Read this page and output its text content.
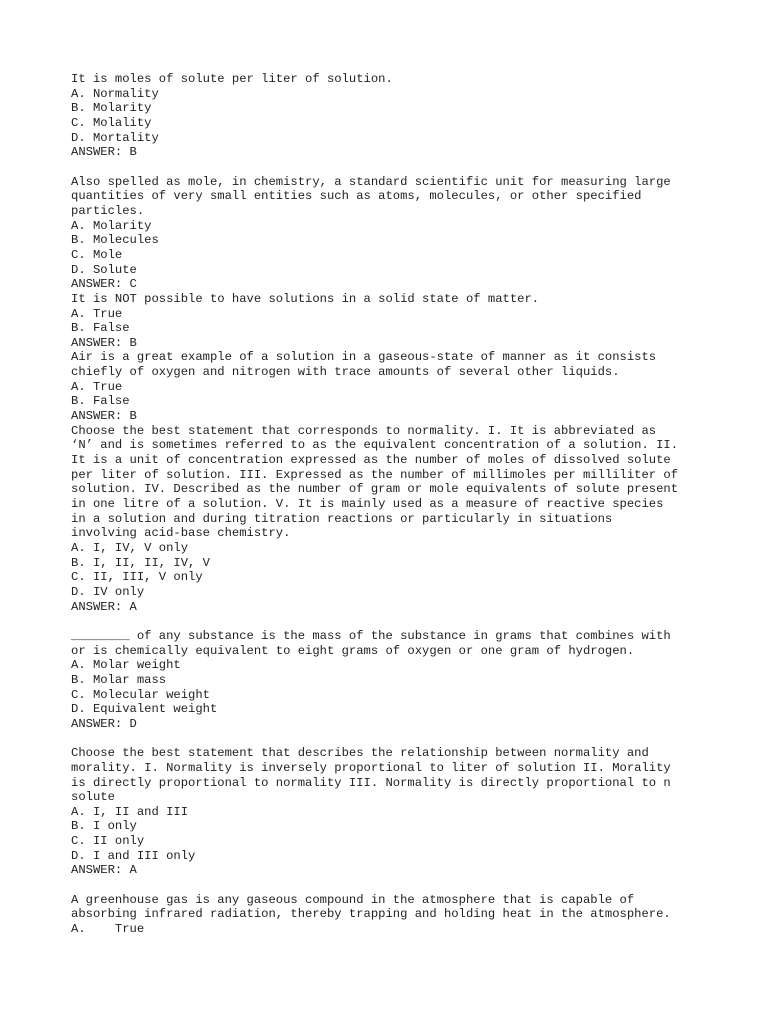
It is moles of solute per liter of solution.
A. Normality
B. Molarity
C. Molality
D. Mortality
ANSWER: B

Also spelled as mole, in chemistry, a standard scientific unit for measuring large
quantities of very small entities such as atoms, molecules, or other specified
particles.
A. Molarity
B. Molecules
C. Mole
D. Solute
ANSWER: C
It is NOT possible to have solutions in a solid state of matter.
A. True
B. False
ANSWER: B
Air is a great example of a solution in a gaseous-state of manner as it consists
chiefly of oxygen and nitrogen with trace amounts of several other liquids.
A. True
B. False
ANSWER: B
Choose the best statement that corresponds to normality. I. It is abbreviated as
‘N’ and is sometimes referred to as the equivalent concentration of a solution. II.
It is a unit of concentration expressed as the number of moles of dissolved solute
per liter of solution. III. Expressed as the number of millimoles per milliliter of
solution. IV. Described as the number of gram or mole equivalents of solute present
in one litre of a solution. V. It is mainly used as a measure of reactive species
in a solution and during titration reactions or particularly in situations
involving acid-base chemistry.
A. I, IV, V only
B. I, II, II, IV, V
C. II, III, V only
D. IV only
ANSWER: A

________ of any substance is the mass of the substance in grams that combines with
or is chemically equivalent to eight grams of oxygen or one gram of hydrogen.
A. Molar weight
B. Molar mass
C. Molecular weight
D. Equivalent weight
ANSWER: D

Choose the best statement that describes the relationship between normality and
morality. I. Normality is inversely proportional to liter of solution II. Morality
is directly proportional to normality III. Normality is directly proportional to n
solute
A. I, II and III
B. I only
C. II only
D. I and III only
ANSWER: A

A greenhouse gas is any gaseous compound in the atmosphere that is capable of
absorbing infrared radiation, thereby trapping and holding heat in the atmosphere.
A.    True
